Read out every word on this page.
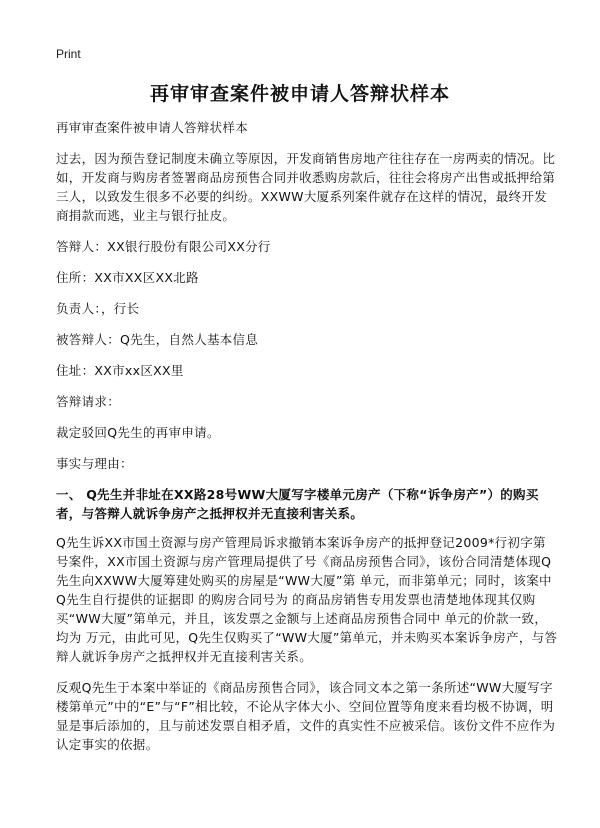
Print
再审审查案件被申请人答辩状样本

再审审查案件被申请人答辩状样本

过去，因为预告登记制度未确立等原因，开发商销售房地产往往存在一房两卖的情况。比如，开发商与购房者签署商品房预售合同并收悉购房款后，往往会将房产出售或抵押给第三人，以致发生很多不必要的纠纷。XXWW大厦系列案件就存在这样的情况，最终开发商捐款而逃，业主与银行扯皮。

答辩人：XX银行股份有限公司XX分行

住所：XX市XX区XX北路

负责人：，行长

被答辩人：Q先生，自然人基本信息

住址：XX市xx区XX里

答辩请求：

裁定驳回Q先生的再审申请。

事实与理由：

一、 Q先生并非址在XX路28号WW大厦写字楼单元房产（下称“诉争房产”）的购买者，与答辩人就诉争房产之抵押权并无直接利害关系。

Q先生诉XX市国土资源与房产管理局诉求撤销本案诉争房产的抵押登记2009*行初字第 号案件，XX市国土资源与房产管理局提供了号《商品房预售合同》，该份合同清楚体现Q先生向XXWW大厦筹建处购买的房屋是“WW大厦”第 单元，而非第单元；同时，该案中Q先生自行提供的证据即 的购房合同号为 的商品房销售专用发票也清楚地体现其仅购买“WW大厦”第单元，并且，该发票之金额与上述商品房预售合同中 单元的价款一致，均为 万元，由此可见，Q先生仅购买了“WW大厦”第单元，并未购买本案诉争房产，与答辩人就诉争房产之抵押权并无直接利害关系。

反观Q先生于本案中举证的《商品房预售合同》，该合同文本之第一条所述“WW大厦写字楼第单元”中的“E”与“F”相比较，不论从字体大小、空间位置等角度来看均极不协调，明显是事后添加的，且与前述发票自相矛盾，文件的真实性不应被采信。该份文件不应作为认定事实的依据。
